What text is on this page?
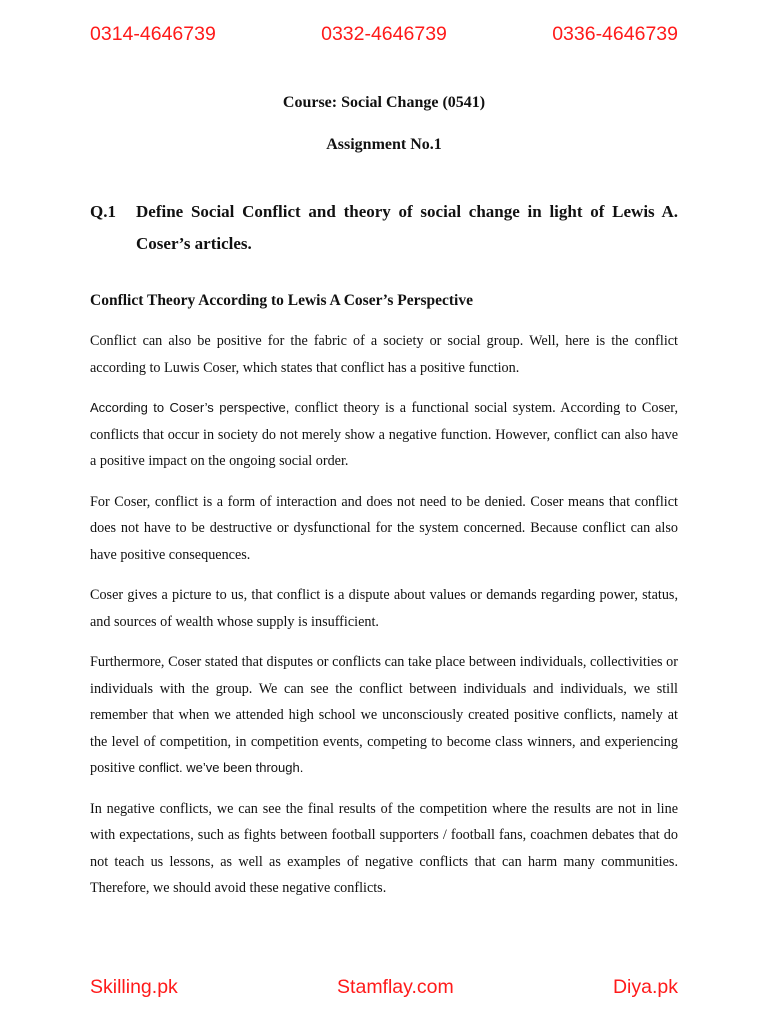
0314-4646739	0332-4646739	0336-4646739
Course: Social Change (0541)
Assignment No.1
Q.1	Define Social Conflict and theory of social change in light of Lewis A. Coser’s articles.
Conflict Theory According to Lewis A Coser’s Perspective

Conflict can also be positive for the fabric of a society or social group. Well, here is the conflict according to Luwis Coser, which states that conflict has a positive function.

According to Coser’s perspective, conflict theory is a functional social system. According to Coser, conflicts that occur in society do not merely show a negative function. However, conflict can also have a positive impact on the ongoing social order.

For Coser, conflict is a form of interaction and does not need to be denied. Coser means that conflict does not have to be destructive or dysfunctional for the system concerned. Because conflict can also have positive consequences.

Coser gives a picture to us, that conflict is a dispute about values or demands regarding power, status, and sources of wealth whose supply is insufficient.

Furthermore, Coser stated that disputes or conflicts can take place between individuals, collectivities or individuals with the group. We can see the conflict between individuals and individuals, we still remember that when we attended high school we unconsciously created positive conflicts, namely at the level of competition, in competition events, competing to become class winners, and experiencing positive conflict. we’ve been through.

In negative conflicts, we can see the final results of the competition where the results are not in line with expectations, such as fights between football supporters / football fans, coachmen debates that do not teach us lessons, as well as examples of negative conflicts that can harm many communities. Therefore, we should avoid these negative conflicts.

Skilling.pk	Stamflay.com	Diya.pk
